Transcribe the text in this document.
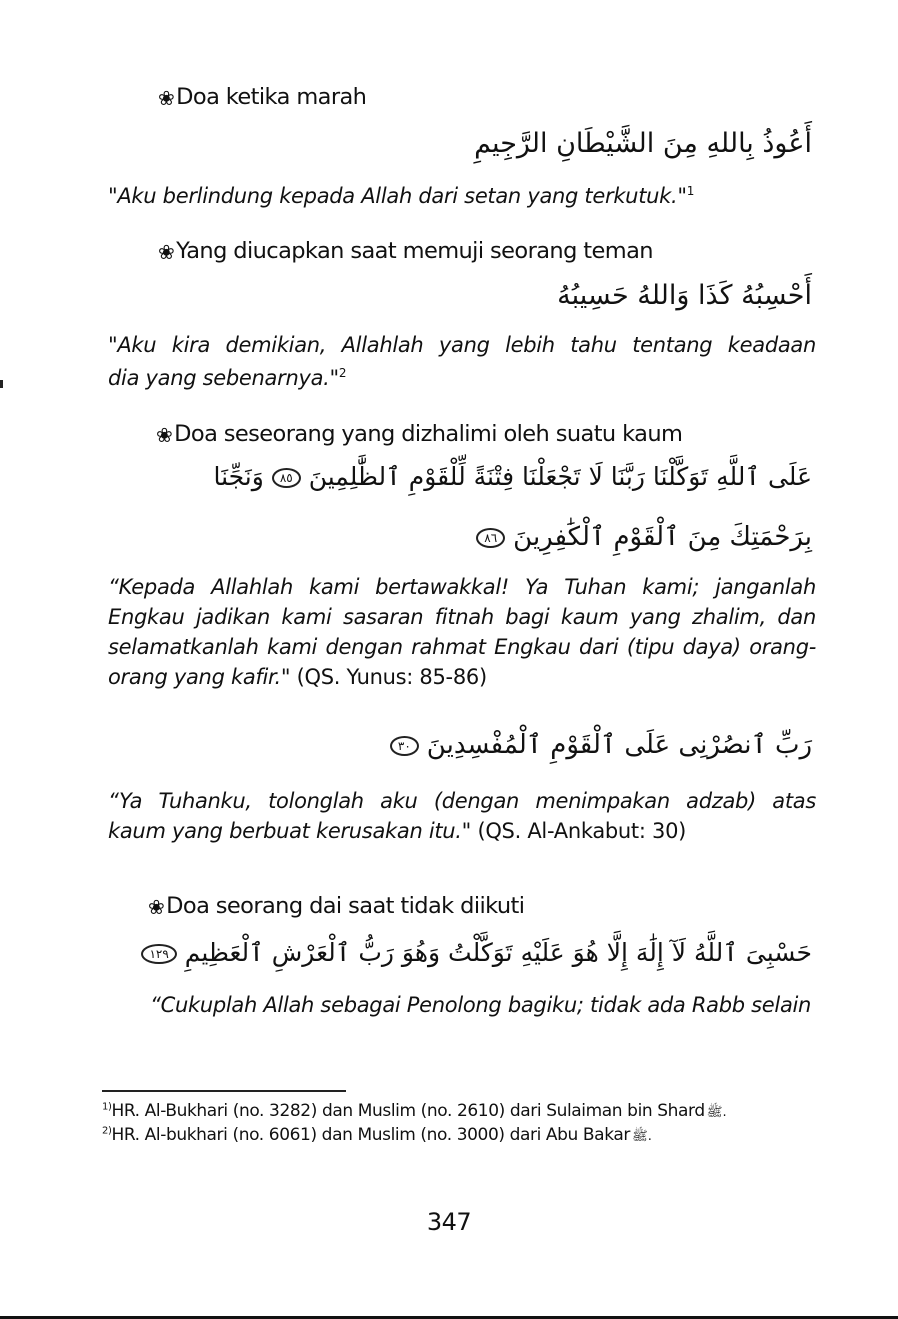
❀Doa ketika marah
أَعُوذُ بِاللهِ مِنَ الشَّيْطَانِ الرَّجِيمِ
"Aku berlindung kepada Allah dari setan yang terkutuk."$^1$
❀Yang diucapkan saat memuji seorang teman
أَحْسِبُهُ كَذَا وَاللهُ حَسِيبُهُ
"Aku kira demikian, Allahlah yang lebih tahu tentang keadaan
dia yang sebenarnya."$^2$
❀Doa seseorang yang dizhalimi oleh suatu kaum
عَلَى ٱللَّهِ تَوَكَّلْنَا رَبَّنَا لَا تَجْعَلْنَا فِتْنَةً لِّلْقَوْمِ ٱلظَّٰلِمِينَ٨٥وَنَجِّنَا
بِرَحْمَتِكَ مِنَ ٱلْقَوْمِ ٱلْكَٰفِرِينَ٨٦
“Kepada Allahlah kami bertawakkal! Ya Tuhan kami; janganlah
Engkau jadikan kami sasaran fitnah bagi kaum yang zhalim, dan
selamatkanlah kami dengan rahmat Engkau dari (tipu daya) orang-
orang yang kafir." (QS. Yunus: 85-86)
رَبِّ ٱنصُرْنِى عَلَى ٱلْقَوْمِ ٱلْمُفْسِدِينَ٣٠
“Ya Tuhanku, tolonglah aku (dengan menimpakan adzab) atas
kaum yang berbuat kerusakan itu." (QS. Al-Ankabut: 30)
❀Doa seorang dai saat tidak diikuti
حَسْبِىَ ٱللَّهُ لَآ إِلَٰهَ إِلَّا هُوَ عَلَيْهِ تَوَكَّلْتُ وَهُوَ رَبُّ ٱلْعَرْشِ ٱلْعَظِيمِ١٢٩
“Cukuplah Allah sebagai Penolong bagiku; tidak ada Rabb selain
$^{1)}$HR. Al-Bukhari (no. 3282) dan Muslim (no. 2610) dari Sulaiman bin Shard ﷺ.
$^{2)}$HR. Al-bukhari (no. 6061) dan Muslim (no. 3000) dari Abu Bakar ﷺ.
347
